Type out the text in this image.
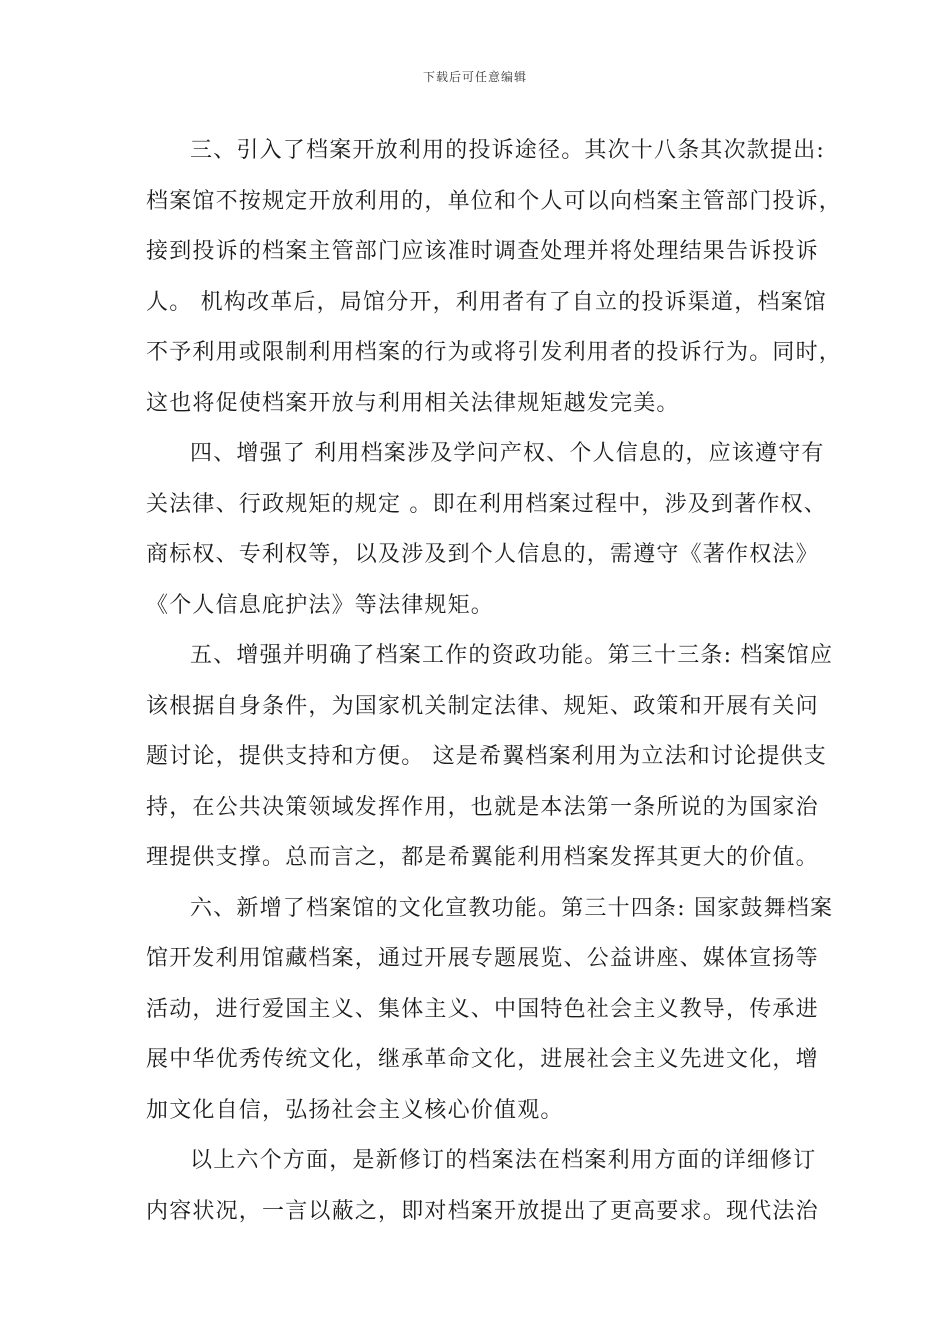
下载后可任意编辑
三、引入了档案开放利用的投诉途径。其次十八条其次款提出:
档案馆不按规定开放利用的，单位和个人可以向档案主管部门投诉，
接到投诉的档案主管部门应该准时调查处理并将处理结果告诉投诉
人。 机构改革后，局馆分开，利用者有了自立的投诉渠道，档案馆
不予利用或限制利用档案的行为或将引发利用者的投诉行为。同时，
这也将促使档案开放与利用相关法律规矩越发完美。
四、增强了 利用档案涉及学问产权、个人信息的，应该遵守有
关法律、行政规矩的规定 。即在利用档案过程中，涉及到著作权、
商标权、专利权等，以及涉及到个人信息的，需遵守《著作权法》
《个人信息庇护法》等法律规矩。
五、增强并明确了档案工作的资政功能。第三十三条: 档案馆应
该根据自身条件，为国家机关制定法律、规矩、政策和开展有关问
题讨论，提供支持和方便。 这是希翼档案利用为立法和讨论提供支
持，在公共决策领域发挥作用，也就是本法第一条所说的为国家治
理提供支撑。总而言之，都是希翼能利用档案发挥其更大的价值。
六、新增了档案馆的文化宣教功能。第三十四条: 国家鼓舞档案
馆开发利用馆藏档案，通过开展专题展览、公益讲座、媒体宣扬等
活动，进行爱国主义、集体主义、中国特色社会主义教导，传承进
展中华优秀传统文化，继承革命文化，进展社会主义先进文化，增
加文化自信，弘扬社会主义核心价值观。
以上六个方面，是新修订的档案法在档案利用方面的详细修订
内容状况，一言以蔽之，即对档案开放提出了更高要求。现代法治
